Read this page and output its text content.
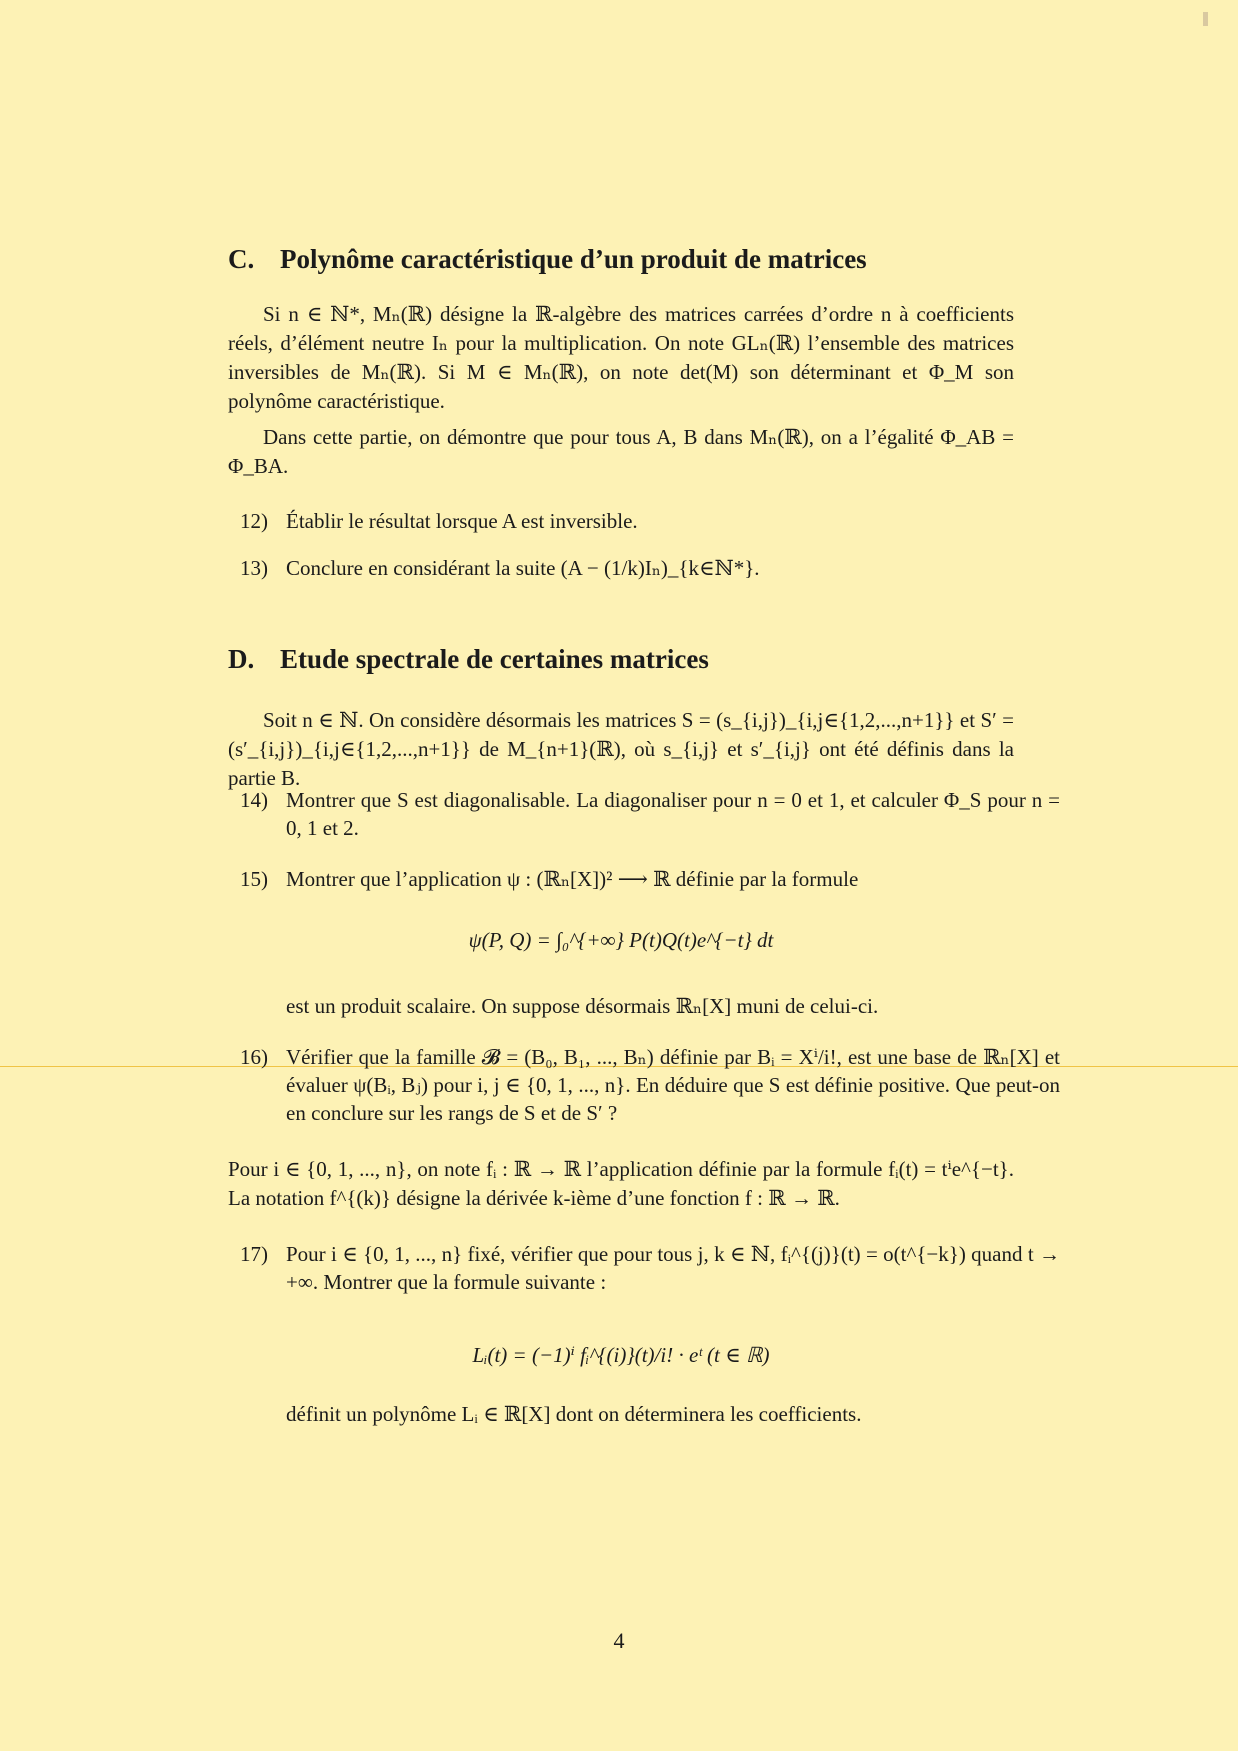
C. Polynôme caractéristique d’un produit de matrices

Si n ∈ ℕ*, Mₙ(ℝ) désigne la ℝ-algèbre des matrices carrées d’ordre n à coefficients réels, d’élément neutre Iₙ pour la multiplication. On note GLₙ(ℝ) l’ensemble des matrices inversibles de Mₙ(ℝ). Si M ∈ Mₙ(ℝ), on note det(M) son déterminant et Φ_M son polynôme caractéristique.

Dans cette partie, on démontre que pour tous A, B dans Mₙ(ℝ), on a l’égalité Φ_AB = Φ_BA.

12) Établir le résultat lorsque A est inversible.

13) Conclure en considérant la suite (A − (1/k)Iₙ)_{k∈ℕ*}.

D. Etude spectrale de certaines matrices

Soit n ∈ ℕ. On considère désormais les matrices S = (s_{i,j})_{i,j∈{1,2,...,n+1}} et S′ = (s′_{i,j})_{i,j∈{1,2,...,n+1}} de M_{n+1}(ℝ), où s_{i,j} et s′_{i,j} ont été définis dans la partie B.

14) Montrer que S est diagonalisable. La diagonaliser pour n = 0 et 1, et calculer Φ_S pour n = 0, 1 et 2.

15) Montrer que l’application ψ : (ℝₙ[X])² ⟶ ℝ définie par la formule

ψ(P, Q) = ∫₀^{+∞} P(t)Q(t)e^{−t} dt

est un produit scalaire. On suppose désormais ℝₙ[X] muni de celui-ci.

16) Vérifier que la famille 𝓑 = (B₀, B₁, ..., Bₙ) définie par Bᵢ = Xⁱ/i!, est une base de ℝₙ[X] et évaluer ψ(Bᵢ, Bⱼ) pour i, j ∈ {0, 1, ..., n}. En déduire que S est définie positive. Que peut-on en conclure sur les rangs de S et de S′ ?

Pour i ∈ {0, 1, ..., n}, on note fᵢ : ℝ → ℝ l’application définie par la formule fᵢ(t) = tⁱe^{−t}. La notation f^{(k)} désigne la dérivée k-ième d’une fonction f : ℝ → ℝ.

17) Pour i ∈ {0, 1, ..., n} fixé, vérifier que pour tous j, k ∈ ℕ, fᵢ^{(j)}(t) = o(t^{−k}) quand t → +∞. Montrer que la formule suivante :

Lᵢ(t) = (−1)ⁱ fᵢ^{(i)}(t)/i! · eᵗ (t ∈ ℝ)

définit un polynôme Lᵢ ∈ ℝ[X] dont on déterminera les coefficients.

4
